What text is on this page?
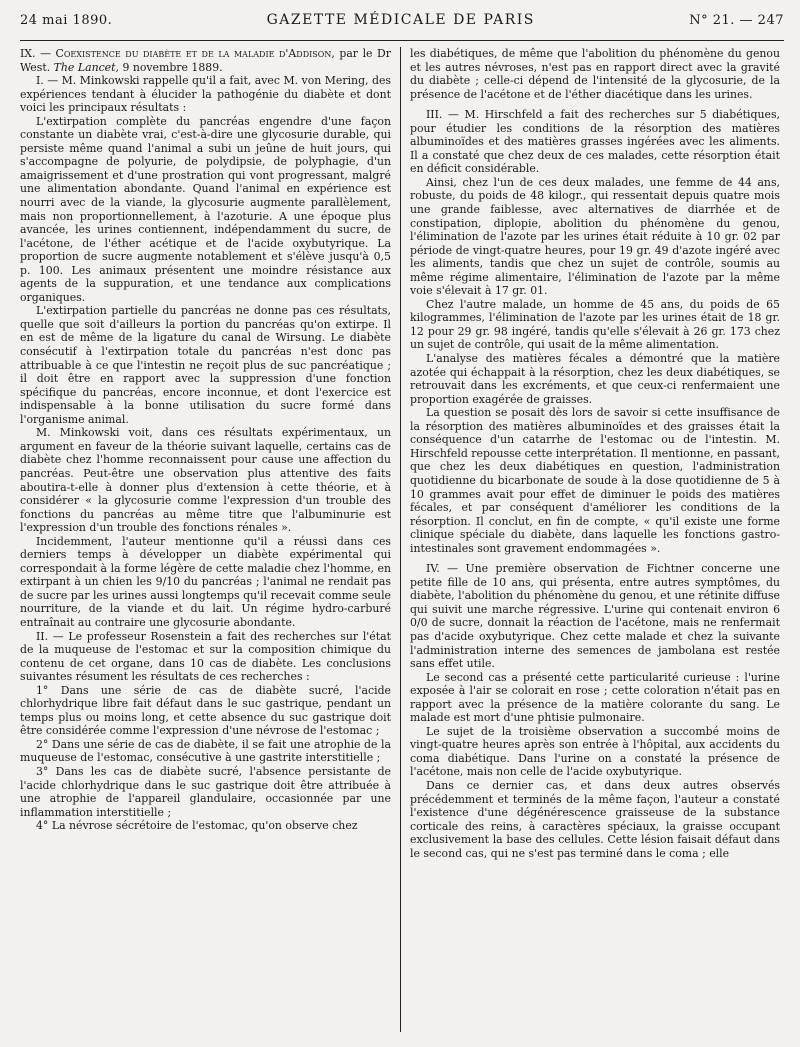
24 mai 1890.	GAZETTE MÉDICALE DE PARIS	N° 21. — 247

IX. — Coexistence du diabète et de la maladie d'Addison, par le Dr West. The Lancet, 9 novembre 1889.

I. — M. Minkowski rappelle qu'il a fait, avec M. von Mering, des expériences tendant à élucider la pathogénie du diabète et dont voici les principaux résultats :

L'extirpation complète du pancréas engendre d'une façon constante un diabète vrai, c'est-à-dire une glycosurie durable, qui persiste même quand l'animal a subi un jeûne de huit jours, qui s'accompagne de polyurie, de polydipsie, de polyphagie, d'un amaigrissement et d'une prostration qui vont progressant, malgré une alimentation abondante. Quand l'animal en expérience est nourri avec de la viande, la glycosurie augmente parallèlement, mais non proportionnellement, à l'azoturie. A une époque plus avancée, les urines contiennent, indépendamment du sucre, de l'acétone, de l'éther acétique et de l'acide oxybutyrique. La proportion de sucre augmente notablement et s'élève jusqu'à 0,5 p. 100. Les animaux présentent une moindre résistance aux agents de la suppuration, et une tendance aux complications organiques.

L'extirpation partielle du pancréas ne donne pas ces résultats, quelle que soit d'ailleurs la portion du pancréas qu'on extirpe. Il en est de même de la ligature du canal de Wirsung. Le diabète consécutif à l'extirpation totale du pancréas n'est donc pas attribuable à ce que l'intestin ne reçoit plus de suc pancréatique ; il doit être en rapport avec la suppression d'une fonction spécifique du pancréas, encore inconnue, et dont l'exercice est indispensable à la bonne utilisation du sucre formé dans l'organisme animal.

M. Minkowski voit, dans ces résultats expérimentaux, un argument en faveur de la théorie suivant laquelle, certains cas de diabète chez l'homme reconnaissent pour cause une affection du pancréas. Peut-être une observation plus attentive des faits aboutira-t-elle à donner plus d'extension à cette théorie, et à considérer « la glycosurie comme l'expression d'un trouble des fonctions du pancréas au même titre que l'albuminurie est l'expression d'un trouble des fonctions rénales ».

Incidemment, l'auteur mentionne qu'il a réussi dans ces derniers temps à développer un diabète expérimental qui correspondait à la forme légère de cette maladie chez l'homme, en extirpant à un chien les 9/10 du pancréas ; l'animal ne rendait pas de sucre par les urines aussi longtemps qu'il recevait comme seule nourriture, de la viande et du lait. Un régime hydro-carburé entraînait au contraire une glycosurie abondante.

II. — Le professeur Rosenstein a fait des recherches sur l'état de la muqueuse de l'estomac et sur la composition chimique du contenu de cet organe, dans 10 cas de diabète. Les conclusions suivantes résument les résultats de ces recherches :

1° Dans une série de cas de diabète sucré, l'acide chlorhydrique libre fait défaut dans le suc gastrique, pendant un temps plus ou moins long, et cette absence du suc gastrique doit être considérée comme l'expression d'une névrose de l'estomac ;

2° Dans une série de cas de diabète, il se fait une atrophie de la muqueuse de l'estomac, consécutive à une gastrite interstitielle ;

3° Dans les cas de diabète sucré, l'absence persistante de l'acide chlorhydrique dans le suc gastrique doit être attribuée à une atrophie de l'appareil glandulaire, occasionnée par une inflammation interstitielle ;

4° La névrose sécrétoire de l'estomac, qu'on observe chez

les diabétiques, de même que l'abolition du phénomène du genou et les autres névroses, n'est pas en rapport direct avec la gravité du diabète ; celle-ci dépend de l'intensité de la glycosurie, de la présence de l'acétone et de l'éther diacétique dans les urines.

III. — M. Hirschfeld a fait des recherches sur 5 diabétiques, pour étudier les conditions de la résorption des matières albuminoïdes et des matières grasses ingérées avec les aliments. Il a constaté que chez deux de ces malades, cette résorption était en déficit considérable.

Ainsi, chez l'un de ces deux malades, une femme de 44 ans, robuste, du poids de 48 kilogr., qui ressentait depuis quatre mois une grande faiblesse, avec alternatives de diarrhée et de constipation, diplopie, abolition du phénomène du genou, l'élimination de l'azote par les urines était réduite à 10 gr. 02 par période de vingt-quatre heures, pour 19 gr. 49 d'azote ingéré avec les aliments, tandis que chez un sujet de contrôle, soumis au même régime alimentaire, l'élimination de l'azote par la même voie s'élevait à 17 gr. 01.

Chez l'autre malade, un homme de 45 ans, du poids de 65 kilogrammes, l'élimination de l'azote par les urines était de 18 gr. 12 pour 29 gr. 98 ingéré, tandis qu'elle s'élevait à 26 gr. 173 chez un sujet de contrôle, qui usait de la même alimentation.

L'analyse des matières fécales a démontré que la matière azotée qui échappait à la résorption, chez les deux diabétiques, se retrouvait dans les excréments, et que ceux-ci renfermaient une proportion exagérée de graisses.

La question se posait dès lors de savoir si cette insuffisance de la résorption des matières albuminoïdes et des graisses était la conséquence d'un catarrhe de l'estomac ou de l'intestin. M. Hirschfeld repousse cette interprétation. Il mentionne, en passant, que chez les deux diabétiques en question, l'administration quotidienne du bicarbonate de soude à la dose quotidienne de 5 à 10 grammes avait pour effet de diminuer le poids des matières fécales, et par conséquent d'améliorer les conditions de la résorption. Il conclut, en fin de compte, « qu'il existe une forme clinique spéciale du diabète, dans laquelle les fonctions gastro-intestinales sont gravement endommagées ».

IV. — Une première observation de Fichtner concerne une petite fille de 10 ans, qui présenta, entre autres symptômes, du diabète, l'abolition du phénomène du genou, et une rétinite diffuse qui suivit une marche régressive. L'urine qui contenait environ 6 0/0 de sucre, donnait la réaction de l'acétone, mais ne renfermait pas d'acide oxybutyrique. Chez cette malade et chez la suivante l'administration interne des semences de jambolana est restée sans effet utile.

Le second cas a présenté cette particularité curieuse : l'urine exposée à l'air se colorait en rose ; cette coloration n'était pas en rapport avec la présence de la matière colorante du sang. Le malade est mort d'une phtisie pulmonaire.

Le sujet de la troisième observation a succombé moins de vingt-quatre heures après son entrée à l'hôpital, aux accidents du coma diabétique. Dans l'urine on a constaté la présence de l'acétone, mais non celle de l'acide oxybutyrique.

Dans ce dernier cas, et dans deux autres observés précédemment et terminés de la même façon, l'auteur a constaté l'existence d'une dégénérescence graisseuse de la substance corticale des reins, à caractères spéciaux, la graisse occupant exclusivement la base des cellules. Cette lésion faisait défaut dans le second cas, qui ne s'est pas terminé dans le coma ; elle
